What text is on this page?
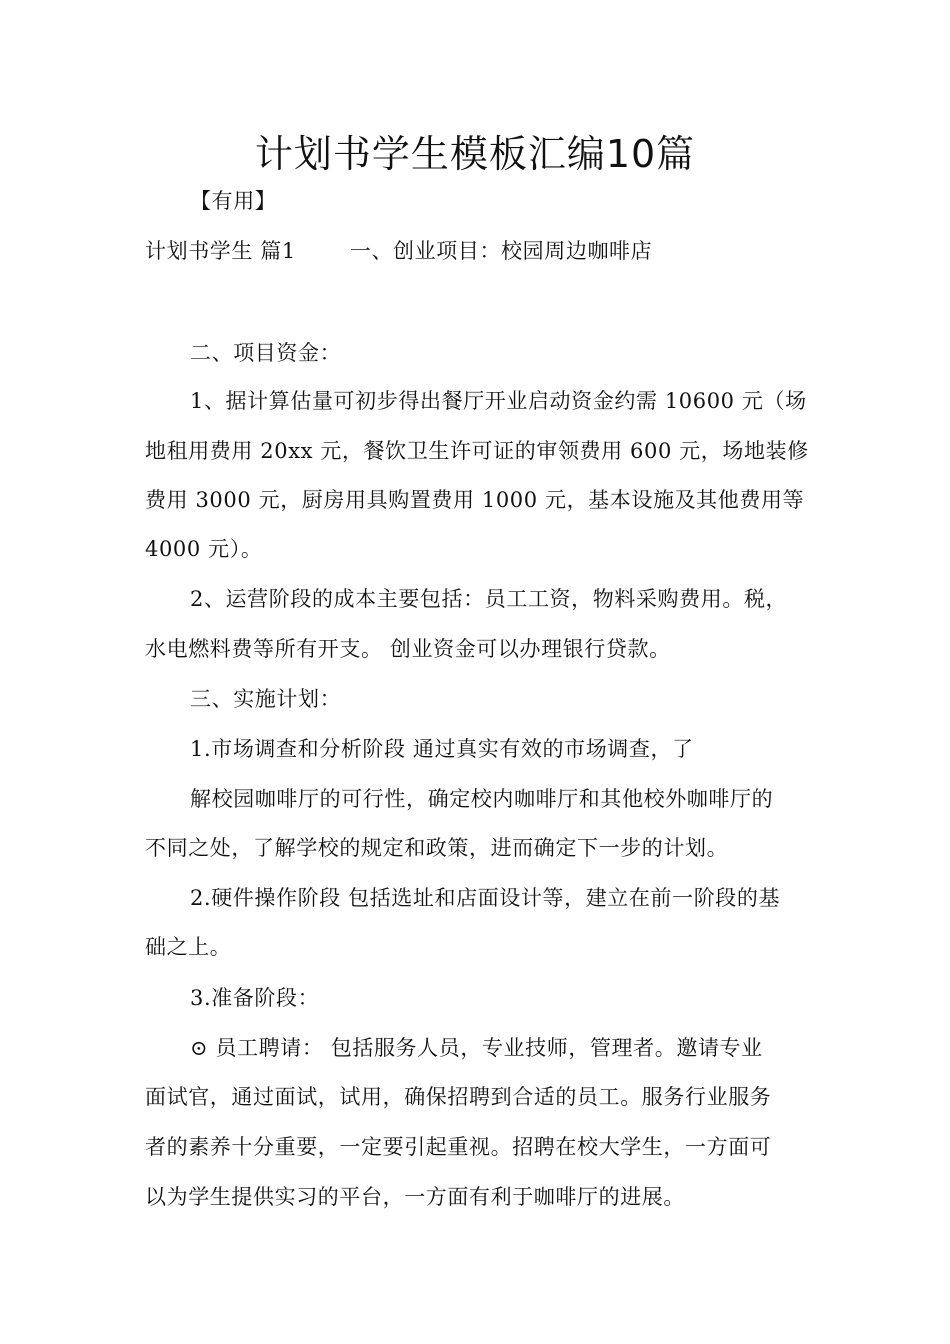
计划书学生模板汇编10篇

【有用】

计划书学生 篇1	一、创业项目：校园周边咖啡店

二、项目资金：

1、据计算估量可初步得出餐厅开业启动资金约需 10600 元（场

地租用费用 20xx 元，餐饮卫生许可证的审领费用 600 元，场地装修

费用 3000 元，厨房用具购置费用 1000 元，基本设施及其他费用等

4000 元）。

2、运营阶段的成本主要包括：员工工资，物料采购费用。税，

水电燃料费等所有开支。 创业资金可以办理银行贷款。

三、实施计划：

1.市场调查和分析阶段 通过真实有效的市场调查，了

解校园咖啡厅的可行性，确定校内咖啡厅和其他校外咖啡厅的

不同之处，了解学校的规定和政策，进而确定下一步的计划。

2.硬件操作阶段 包括选址和店面设计等，建立在前一阶段的基

础之上。

3.准备阶段：

⊙ 员工聘请： 包括服务人员，专业技师，管理者。邀请专业

面试官，通过面试，试用，确保招聘到合适的员工。服务行业服务

者的素养十分重要，一定要引起重视。招聘在校大学生，一方面可

以为学生提供实习的平台，一方面有利于咖啡厅的进展。
